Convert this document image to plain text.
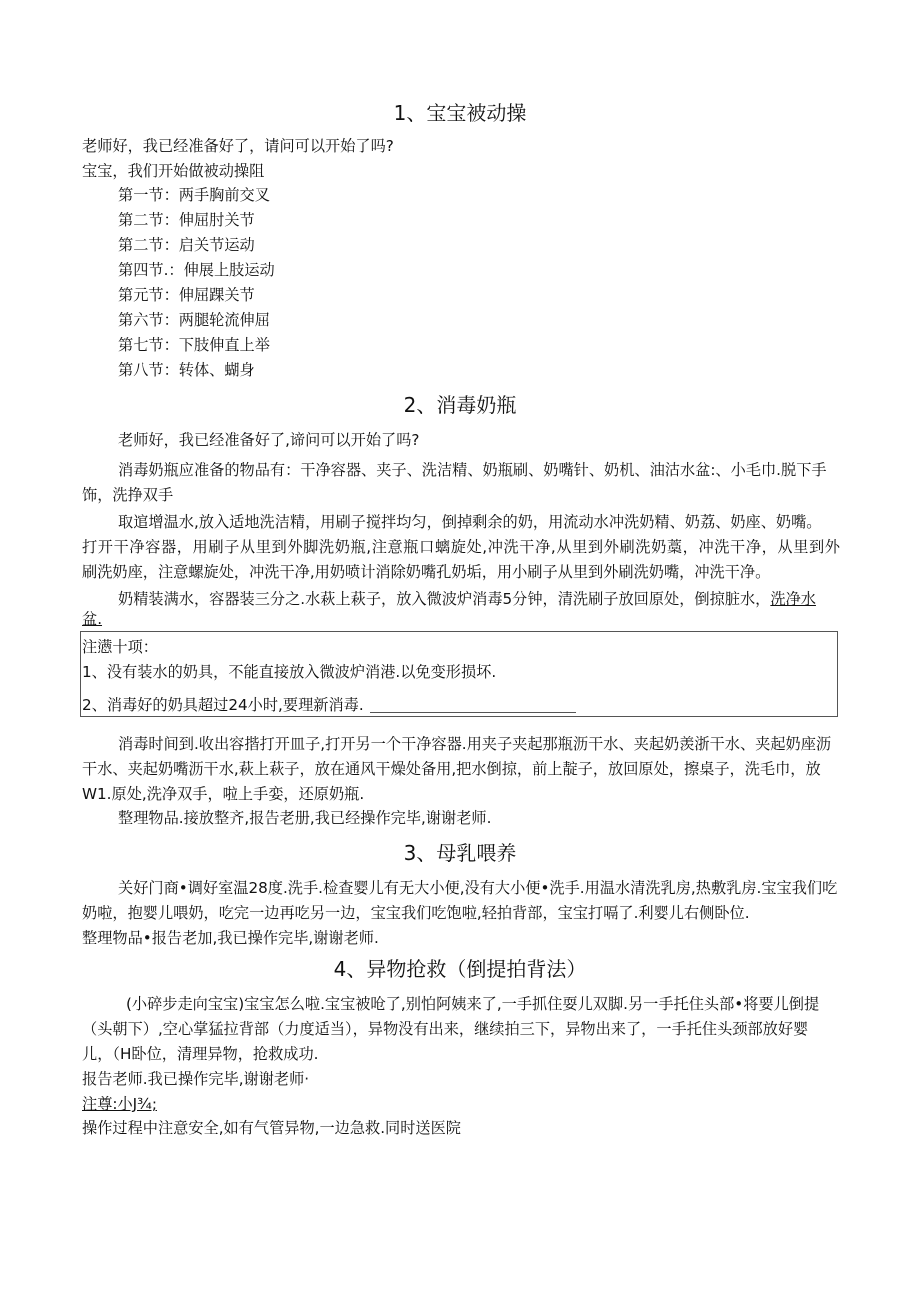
1、宝宝被动操
老师好，我已经准备好了，请问可以开始了吗?
宝宝，我们开始做被动操阻
第一节：两手胸前交叉
第二节：伸屈肘关节
第二节：启关节运动
第四节.：伸展上肢运动
第元节：伸屈踝关节
第六节：两腿轮流伸屈
第七节：下肢伸直上举
第八节：转体、蝴身
2、消毒奶瓶
老师好，我已经准备好了,谛问可以开始了吗?
消毒奶瓶应准备的物品有：干净容器、夹子、洗洁精、奶瓶刷、奶嘴针、奶机、油沽水盆:、小毛巾.脱下手
饰，洗挣双手
取逭增温水,放入适地洗洁精，用刷子搅拌均匀，倒掉剩余的奶，用流动水冲洗奶精、奶荔、奶座、奶嘴。
打开干净容器，用刷子从里到外脚洗奶瓶,注意瓶口螭旋处,冲洗干净,从里到外刷洗奶藁，冲洗干净，从里到外
刷洗奶座，注意螺旋处，冲洗干净,用奶喷计消除奶嘴孔奶垢，用小刷子从里到外刷洗奶嘴，冲洗干净。
奶精装满水，容器装三分之.水萩上萩子，放入微波炉消毒5分钟，清洗刷子放回原处，倒掠脏水，洗净水
盆.
注懑十项：
1、没有装水的奶具，不能直接放入微波炉消港.以免变形损坏.
2、消毒好的奶具超过24小时,要理新消毒.
消毒时间到.收出容揩打开皿子,打开另一个干净容器.用夹子夹起那瓶沥干水、夹起奶羡浙干水、夹起奶座沥
干水、夹起奶嘴沥干水,萩上萩子，放在通风干燥处备用,把水倒掠，前上靛子，放回原处，擦桌子，洗毛巾，放
W1.原处,洗净双手，啦上手娈，还原奶瓶.
整理物品.接放整齐,报告老册,我已经操作完毕,谢谢老师.
3、母乳喂养
关好门商•调好室温28度.洗手.检查婴儿有无大小便,没有大小便•洗手.用温水清洗乳房,热敷乳房.宝宝我们吃
奶啦，抱婴儿喂奶，吃完一边再吃另一边，宝宝我们吃饱啦,轻拍背部，宝宝打嗝了.利婴儿右侧卧位.
整理物品•报告老加,我已操作完毕,谢谢老师.
4、异物抢救（倒提拍背法）
(小碎步走向宝宝)宝宝怎么啦.宝宝被呛了,别怕阿姨来了,一手抓住耍儿双脚.另一手托住头部•将要儿倒提
（头朝下）,空心掌猛拉背部（力度适当），异物没有出来，继续拍三下，异物出来了，一手托住头颈部放好婴
儿，（H卧位，清理异物，抢救成功.
报告老师.我已操作完毕,谢谢老师·
注尊:小J¾;
操作过程中注意安全,如有气管异物,一边急救.同时送医院
